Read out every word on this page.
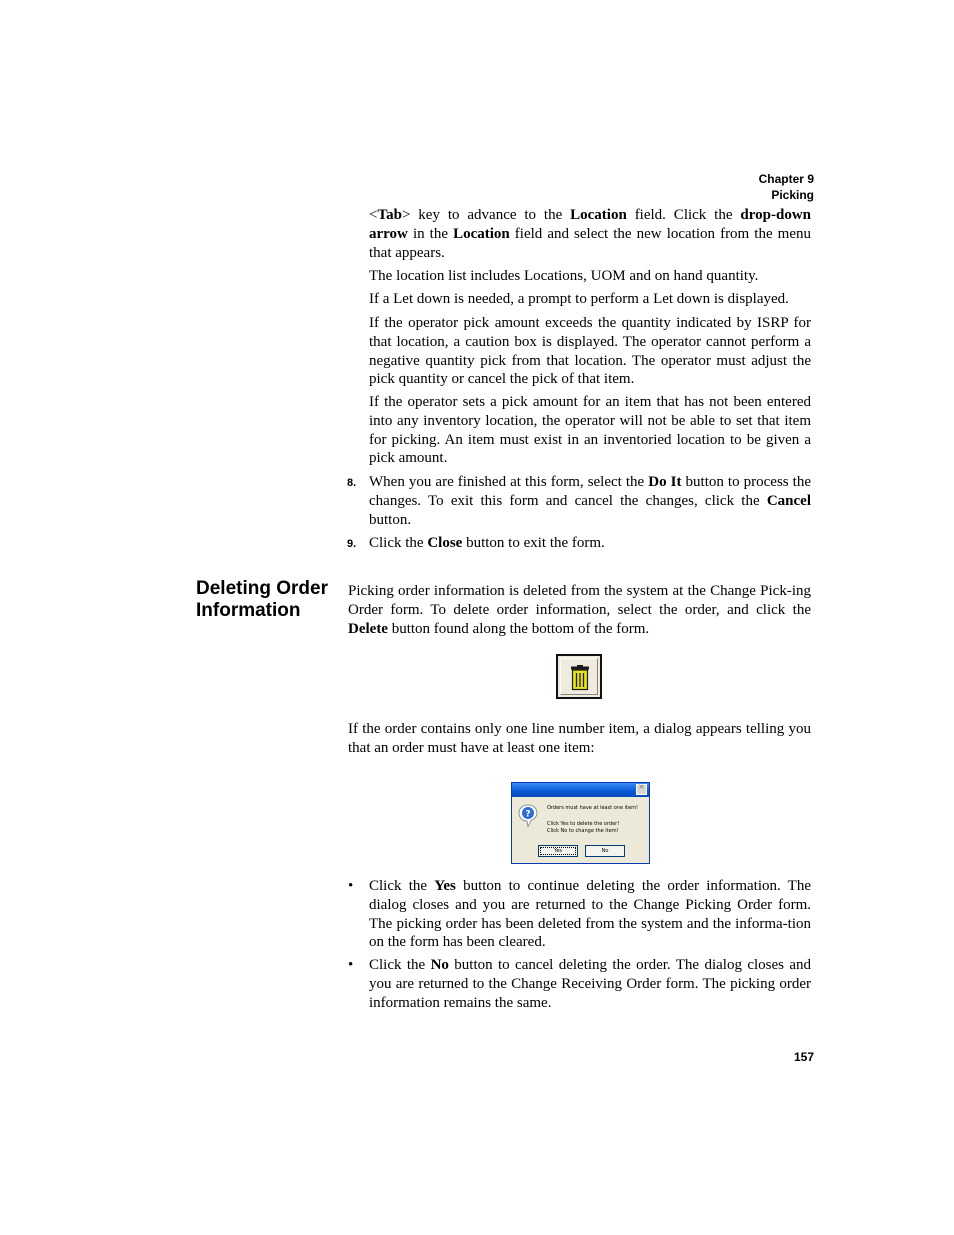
Chapter 9
Picking

<Tab> key to advance to the Location field. Click the drop-down arrow in the Location field and select the new location from the menu that appears.

The location list includes Locations, UOM and on hand quantity.

If a Let down is needed, a prompt to perform a Let down is displayed.

If the operator pick amount exceeds the quantity indicated by ISRP for that location, a caution box is displayed. The operator cannot perform a negative quantity pick from that location. The operator must adjust the pick quantity or cancel the pick of that item.

If the operator sets a pick amount for an item that has not been entered into any inventory location, the operator will not be able to set that item for picking. An item must exist in an inventoried location to be given a pick amount.

8. When you are finished at this form, select the Do It button to process the changes. To exit this form and cancel the changes, click the Cancel button.

9. Click the Close button to exit the form.

Deleting Order Information

Picking order information is deleted from the system at the Change Pick-ing Order form. To delete order information, select the order, and click the Delete button found along the bottom of the form.

If the order contains only one line number item, a dialog appears telling you that an order must have at least one item:

×
?
Orders must have at least one item!
Click Yes to delete the order!
Click No to change the item!
Yes	No
• Click the Yes button to continue deleting the order information. The dialog closes and you are returned to the Change Picking Order form. The picking order has been deleted from the system and the informa-tion on the form has been cleared.

• Click the No button to cancel deleting the order. The dialog closes and you are returned to the Change Receiving Order form. The picking order information remains the same.

157
